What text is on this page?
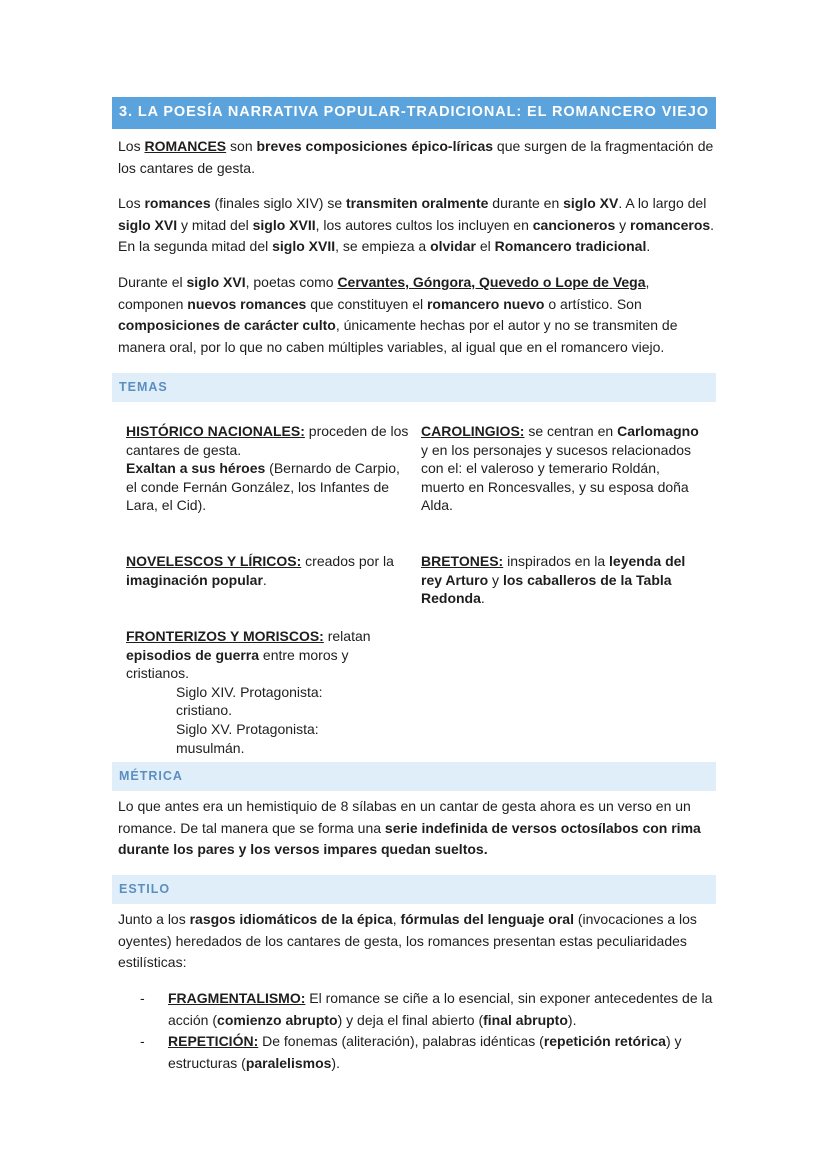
3. LA POESÍA NARRATIVA POPULAR-TRADICIONAL: EL ROMANCERO VIEJO

Los ROMANCES son breves composiciones épico-líricas que surgen de la fragmentación de los cantares de gesta.

Los romances (finales siglo XIV) se transmiten oralmente durante en siglo XV. A lo largo del siglo XVI y mitad del siglo XVII, los autores cultos los incluyen en cancioneros y romanceros. En la segunda mitad del siglo XVII, se empieza a olvidar el Romancero tradicional.

Durante el siglo XVI, poetas como Cervantes, Góngora, Quevedo o Lope de Vega, componen nuevos romances que constituyen el romancero nuevo o artístico. Son composiciones de carácter culto, únicamente hechas por el autor y no se transmiten de manera oral, por lo que no caben múltiples variables, al igual que en el romancero viejo.

TEMAS

HISTÓRICO NACIONALES: proceden de los cantares de gesta.
Exaltan a sus héroes (Bernardo de Carpio, el conde Fernán González, los Infantes de Lara, el Cid).

CAROLINGIOS: se centran en Carlomagno y en los personajes y sucesos relacionados con el: el valeroso y temerario Roldán, muerto en Roncesvalles, y su esposa doña Alda.

NOVELESCOS Y LÍRICOS: creados por la imaginación popular.

BRETONES: inspirados en la leyenda del rey Arturo y los caballeros de la Tabla Redonda.

FRONTERIZOS Y MORISCOS: relatan episodios de guerra entre moros y cristianos.
Siglo XIV. Protagonista: cristiano.
Siglo XV. Protagonista: musulmán.

MÉTRICA

Lo que antes era un hemistiquio de 8 sílabas en un cantar de gesta ahora es un verso en un romance. De tal manera que se forma una serie indefinida de versos octosílabos con rima durante los pares y los versos impares quedan sueltos.

ESTILO

Junto a los rasgos idiomáticos de la épica, fórmulas del lenguaje oral (invocaciones a los oyentes) heredados de los cantares de gesta, los romances presentan estas peculiaridades estilísticas:

- FRAGMENTALISMO: El romance se ciñe a lo esencial, sin exponer antecedentes de la acción (comienzo abrupto) y deja el final abierto (final abrupto).
- REPETICIÓN: De fonemas (aliteración), palabras idénticas (repetición retórica) y estructuras (paralelismos).
